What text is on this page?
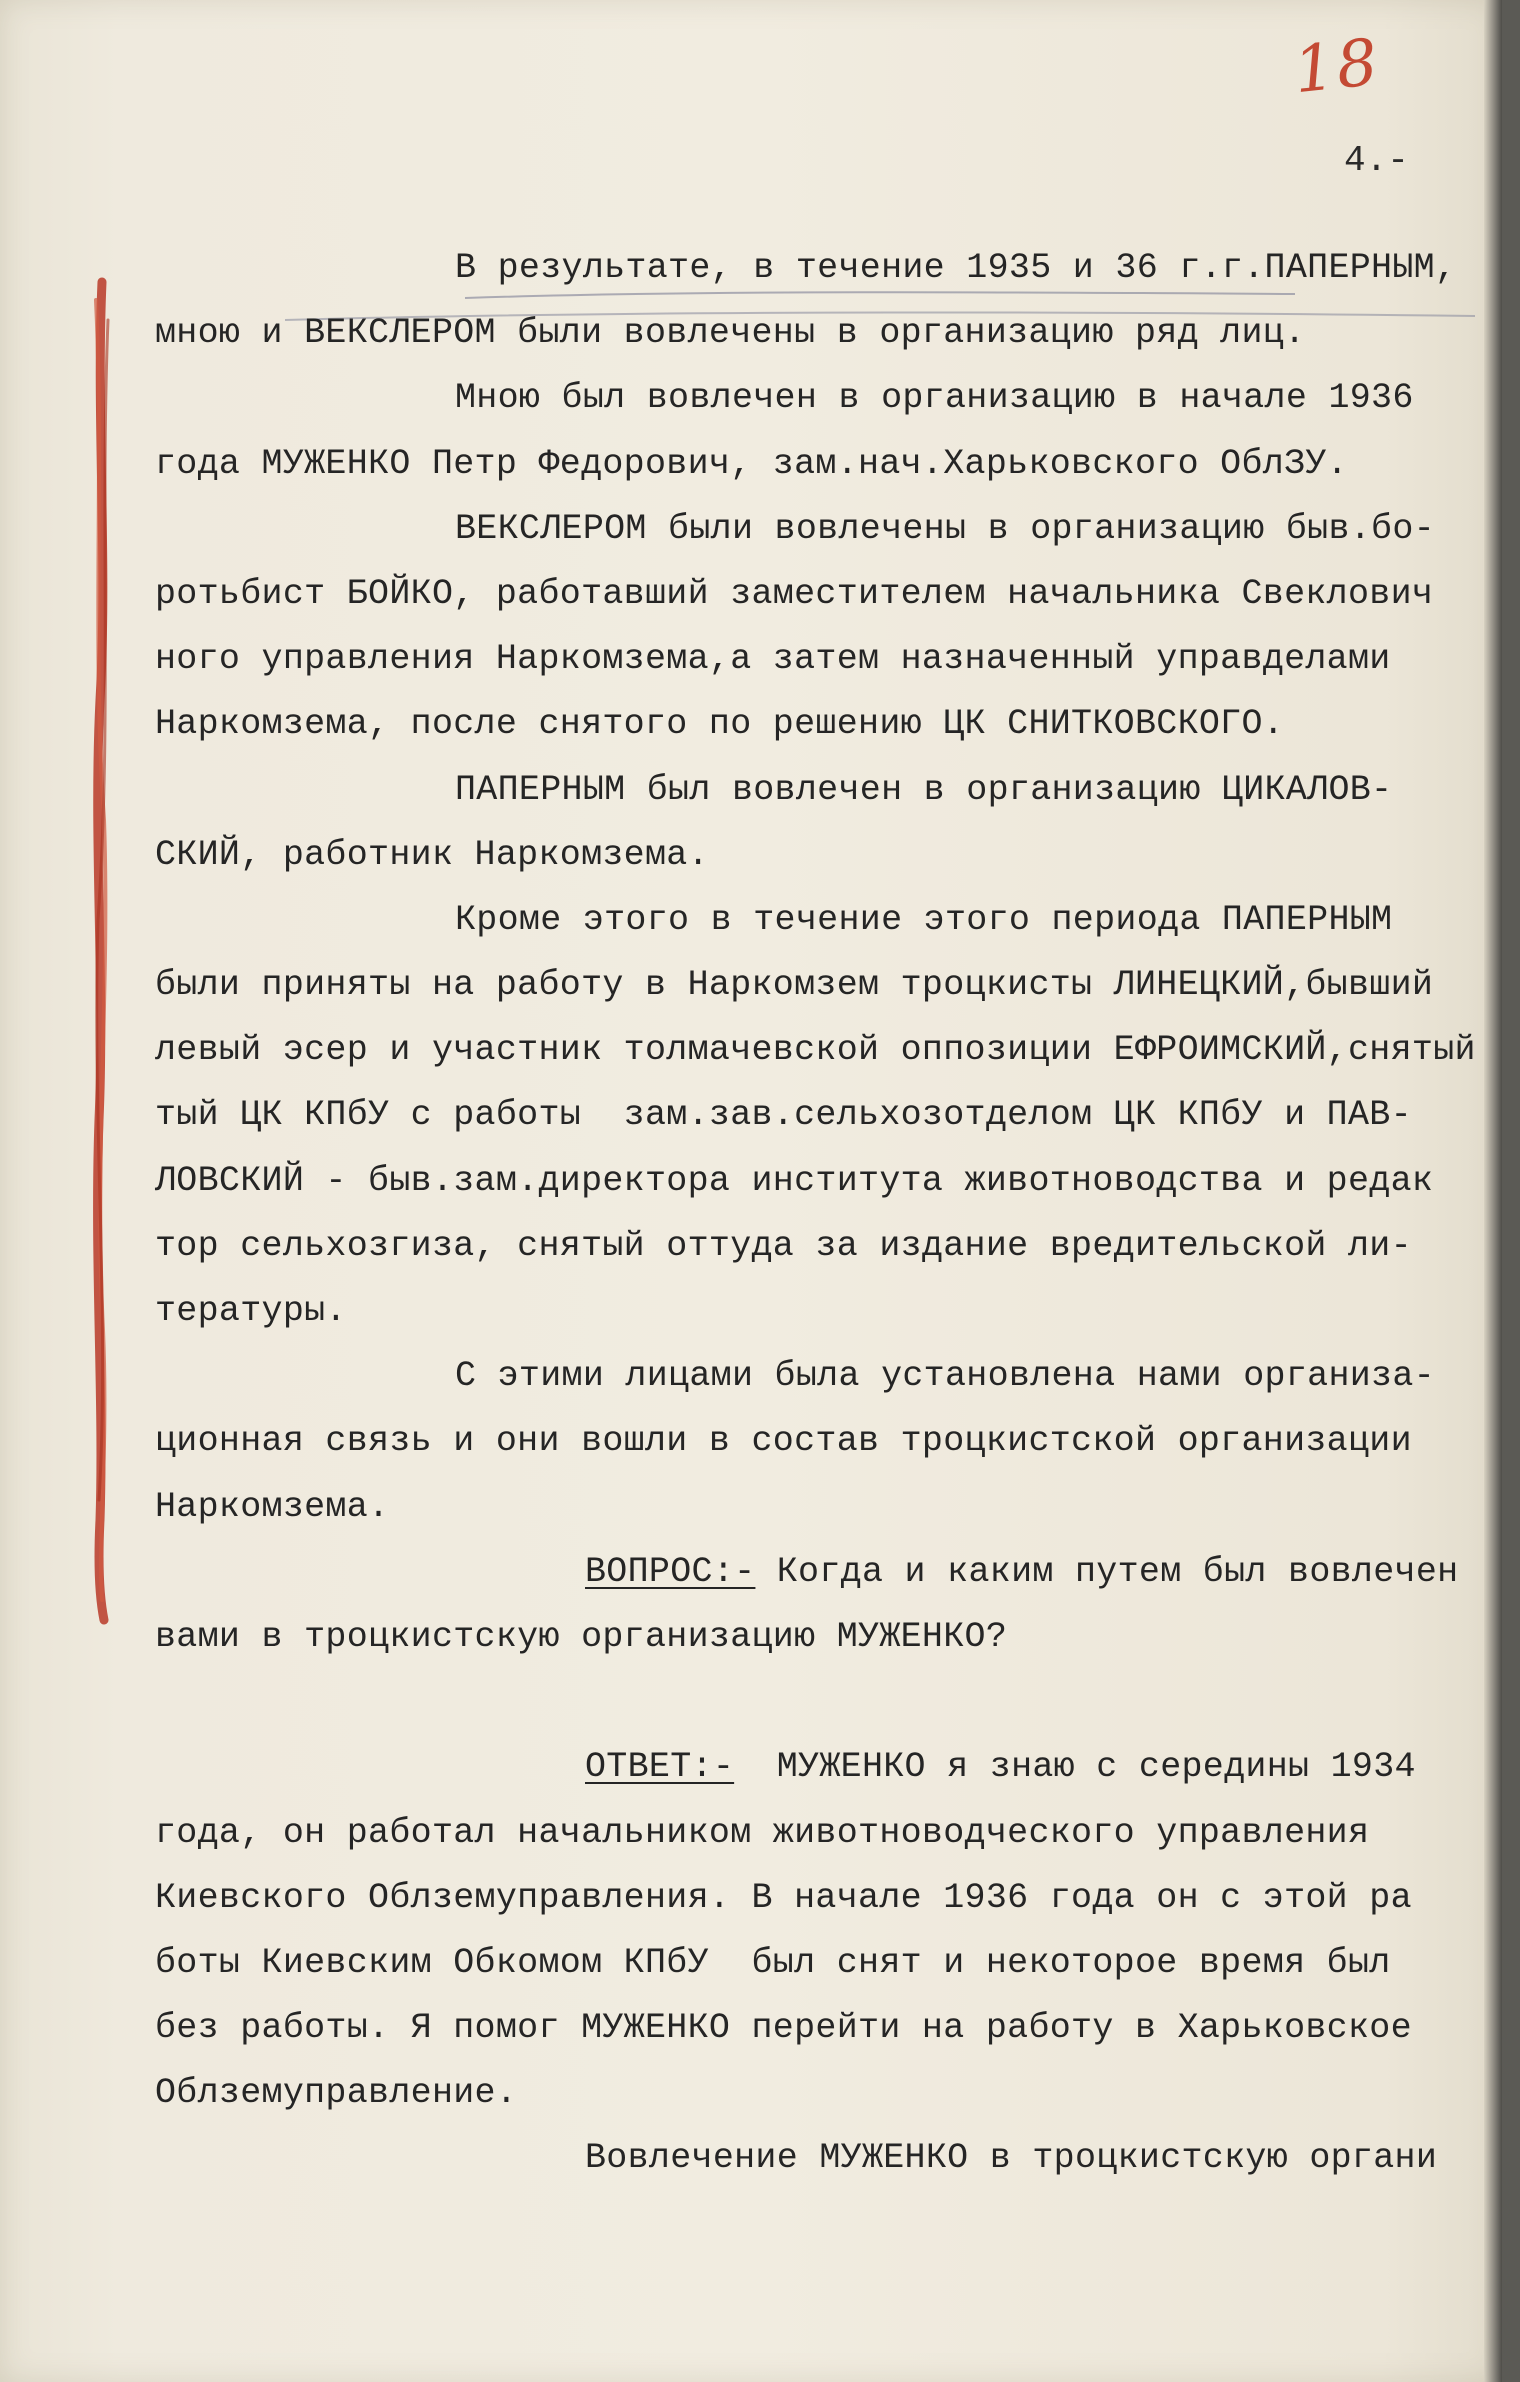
18
4.-
В результате, в течение 1935 и 36 г.г.ПАПЕРНЫМ,
мною и ВЕКСЛЕРОМ были вовлечены в организацию ряд лиц.
Мною был вовлечен в организацию в начале 1936
года МУЖЕНКО Петр Федорович, зам.нач.Харьковского ОблЗУ.
ВЕКСЛЕРОМ были вовлечены в организацию быв.бо-
ротьбист БОЙКО, работавший заместителем начальника Свеклович
ного управления Наркомзема,а затем назначенный управделами
Наркомзема, после снятого по решению ЦК СНИТКОВСКОГО.
ПАПЕРНЫМ был вовлечен в организацию ЦИКАЛОВ-
СКИЙ, работник Наркомзема.
Кроме этого в течение этого периода ПАПЕРНЫМ
были приняты на работу в Наркомзем троцкисты ЛИНЕЦКИЙ,бывший
левый эсер и участник толмачевской оппозиции ЕФРОИМСКИЙ,снятый
тый ЦК КПбУ с работы  зам.зав.сельхозотделом ЦК КПбУ и ПАВ-
ЛОВСКИЙ - быв.зам.директора института животноводства и редак
тор сельхозгиза, снятый оттуда за издание вредительской ли-
тературы.
С этими лицами была установлена нами организа-
ционная связь и они вошли в состав троцкистской организации
Наркомзема.
ВОПРОС:- Когда и каким путем был вовлечен
вами в троцкистскую организацию МУЖЕНКО?
ОТВЕТ:-  МУЖЕНКО я знаю с середины 1934
года, он работал начальником животноводческого управления
Киевского Облземуправления. В начале 1936 года он с этой ра
боты Киевским Обкомом КПбУ  был снят и некоторое время был
без работы. Я помог МУЖЕНКО перейти на работу в Харьковское
Облземуправление.
Вовлечение МУЖЕНКО в троцкистскую органи
